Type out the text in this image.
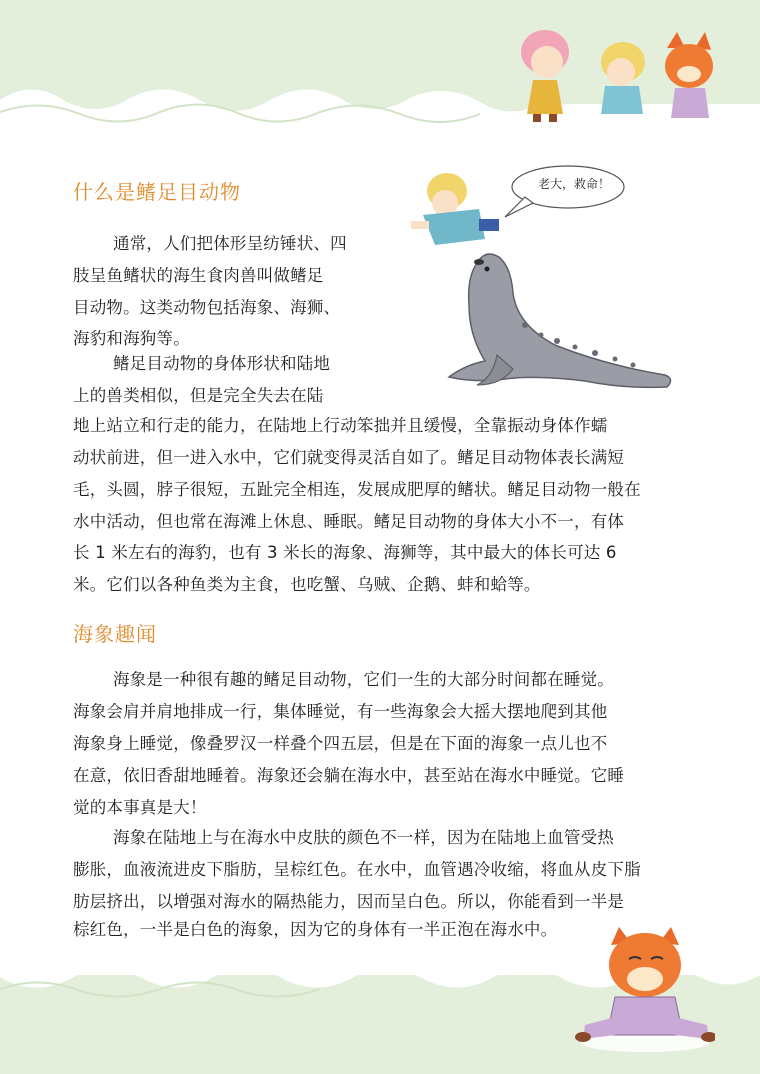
老大，救命！
什么是鳍足目动物

通常，人们把体形呈纺锤状、四

肢呈鱼鳍状的海生食肉兽叫做鳍足

目动物。这类动物包括海象、海狮、

海豹和海狗等。

鳍足目动物的身体形状和陆地

上的兽类相似，但是完全失去在陆

地上站立和行走的能力，在陆地上行动笨拙并且缓慢，全靠振动身体作蠕

动状前进，但一进入水中，它们就变得灵活自如了。鳍足目动物体表长满短

毛，头圆，脖子很短，五趾完全相连，发展成肥厚的鳍状。鳍足目动物一般在

水中活动，但也常在海滩上休息、睡眠。鳍足目动物的身体大小不一，有体

长 1 米左右的海豹，也有 3 米长的海象、海狮等，其中最大的体长可达 6

米。它们以各种鱼类为主食，也吃蟹、乌贼、企鹅、蚌和蛤等。

海象趣闻

海象是一种很有趣的鳍足目动物，它们一生的大部分时间都在睡觉。

海象会肩并肩地排成一行，集体睡觉，有一些海象会大摇大摆地爬到其他

海象身上睡觉，像叠罗汉一样叠个四五层，但是在下面的海象一点儿也不

在意，依旧香甜地睡着。海象还会躺在海水中，甚至站在海水中睡觉。它睡

觉的本事真是大！

海象在陆地上与在海水中皮肤的颜色不一样，因为在陆地上血管受热

膨胀，血液流进皮下脂肪，呈棕红色。在水中，血管遇冷收缩，将血从皮下脂

肪层挤出，以增强对海水的隔热能力，因而呈白色。所以，你能看到一半是

棕红色，一半是白色的海象，因为它的身体有一半正泡在海水中。
